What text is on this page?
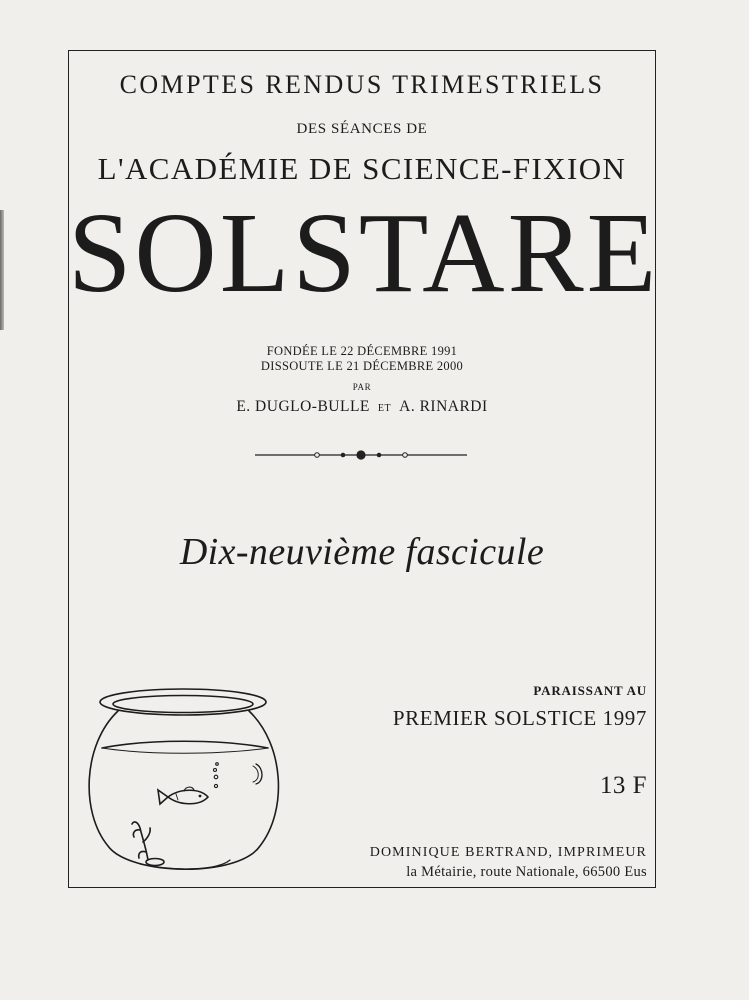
COMPTES RENDUS TRIMESTRIELS
DES SÉANCES DE
L'ACADÉMIE DE SCIENCE-FIXION
SOLSTARE
FONDÉE LE 22 DÉCEMBRE 1991
DISSOUTE LE 21 DÉCEMBRE 2000
PAR
E. DUGLO-BULLE ET A. RINARDI
Dix-neuvième fascicule
PARAISSANT AU
PREMIER SOLSTICE 1997
13 F
DOMINIQUE BERTRAND, IMPRIMEUR
la Métairie, route Nationale, 66500 Eus
